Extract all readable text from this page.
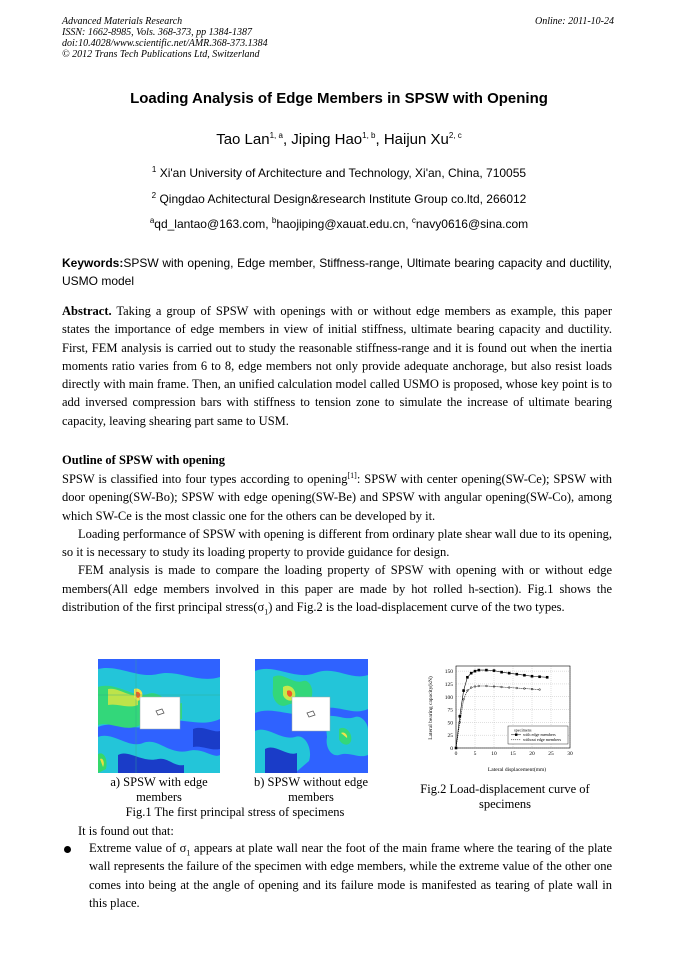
Advanced Materials Research
ISSN: 1662-8985, Vols. 368-373, pp 1384-1387
doi:10.4028/www.scientific.net/AMR.368-373.1384
© 2012 Trans Tech Publications Ltd, Switzerland
Online: 2011-10-24
Loading Analysis of Edge Members in SPSW with Opening
Tao Lan$^{1, a}$, Jiping Hao$^{1, b}$, Haijun Xu$^{2, c}$
$^1$ Xi'an University of Architecture and Technology, Xi'an, China, 710055
$^2$ Qingdao Achitectural Design&research Institute Group co.ltd, 266012
$^a$qd_lantao@163.com, $^b$haojiping@xauat.edu.cn, $^c$navy0616@sina.com
Keywords:SPSW with opening, Edge member, Stiffness-range, Ultimate bearing capacity and ductility, USMO model
Abstract. Taking a group of SPSW with openings with or without edge members as example, this paper states the importance of edge members in view of initial stiffness, ultimate bearing capacity and ductility. First, FEM analysis is carried out to study the reasonable stiffness-range and it is found out when the inertia moments ratio varies from 6 to 8, edge members not only provide adequate anchorage, but also resist loads directly with main frame. Then, an unified calculation model called USMO is proposed, whose key point is to add inversed compression bars with stiffness to tension zone to simulate the increase of ultimate bearing capacity, leaving shearing part same to USM.
Outline of SPSW with opening
SPSW is classified into four types according to opening[1]: SPSW with center opening(SW-Ce); SPSW with door opening(SW-Bo); SPSW with edge opening(SW-Be) and SPSW with angular opening(SW-Co), among which SW-Ce is the most classic one for the others can be developed by it.
Loading performance of SPSW with opening is different from ordinary plate shear wall due to its opening, so it is necessary to study its loading property to provide guidance for design.
FEM analysis is made to compare the loading property of SPSW with opening with or without edge members(All edge members involved in this paper are made by hot rolled h-section). Fig.1 shows the distribution of the first principal $stress(\sigma_1)$ and Fig.2 is the load-displacement curve of the two types.
a) SPSW with edge members
b) SPSW without edge members
Fig.1 The first principal stress of specimens
Fig.2 Load-displacement curve of specimens
0	5	10 15 20 25 30
0
25
50
75
100
125
150
specimens
with edge members
without edge members
Lateral displacement(mm)
Lateral bearing capacity(kN)
It is found out that:
Extreme value of $\sigma_1$ appears at plate wall near the foot of the main frame where the tearing of the plate wall represents the failure of the specimen with edge members, while the extreme value of the other one comes into being at the angle of opening and its failure mode is manifested as tearing of plate wall in this place.
